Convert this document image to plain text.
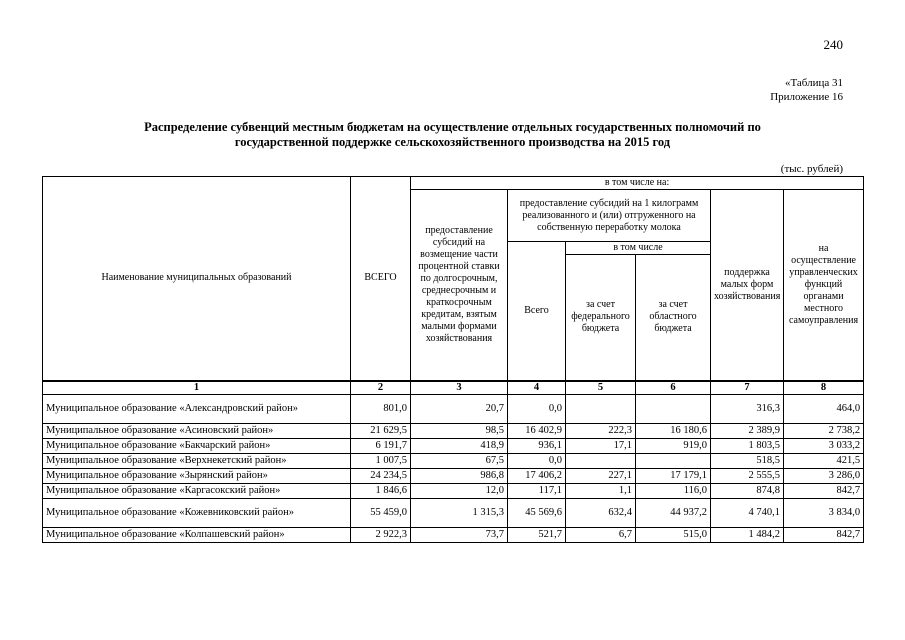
240
«Таблица 31
Приложение 16
Распределение субвенций местным бюджетам на осуществление отдельных государственных полномочий по
государственной поддержке сельскохозяйственного производства на 2015 год
(тыс. рублей)
Наименование муниципальных образований	ВСЕГО	в том числе на:					
		предоставление субсидий на возмещение части процентной ставки по долгосрочным, среднесрочным и краткосрочным кредитам, взятым малыми формами хозяйствования	предоставление субсидий на 1 килограмм реализованного и (или) отгруженного на собственную переработку молока			поддержка малых форм хозяйствования	на осуществление управленческих функций органами местного самоуправления
			Всего	в том числе			
				за счет федерального бюджета	за счет областного бюджета		
1	2	3	4	5	6	7	8
Муниципальное образование «Александровский район»	801,0	20,7	0,0			316,3	464,0
Муниципальное образование «Асиновский район»	21 629,5	98,5	16 402,9	222,3	16 180,6	2 389,9	2 738,2
Муниципальное образование «Бакчарский район»	6 191,7	418,9	936,1	17,1	919,0	1 803,5	3 033,2
Муниципальное образование «Верхнекетский район»	1 007,5	67,5	0,0			518,5	421,5
Муниципальное образование «Зырянский район»	24 234,5	986,8	17 406,2	227,1	17 179,1	2 555,5	3 286,0
Муниципальное образование «Каргасокский район»	1 846,6	12,0	117,1	1,1	116,0	874,8	842,7
Муниципальное образование «Кожевниковский район»	55 459,0	1 315,3	45 569,6	632,4	44 937,2	4 740,1	3 834,0
Муниципальное образование «Колпашевский район»	2 922,3	73,7	521,7	6,7	515,0	1 484,2	842,7
